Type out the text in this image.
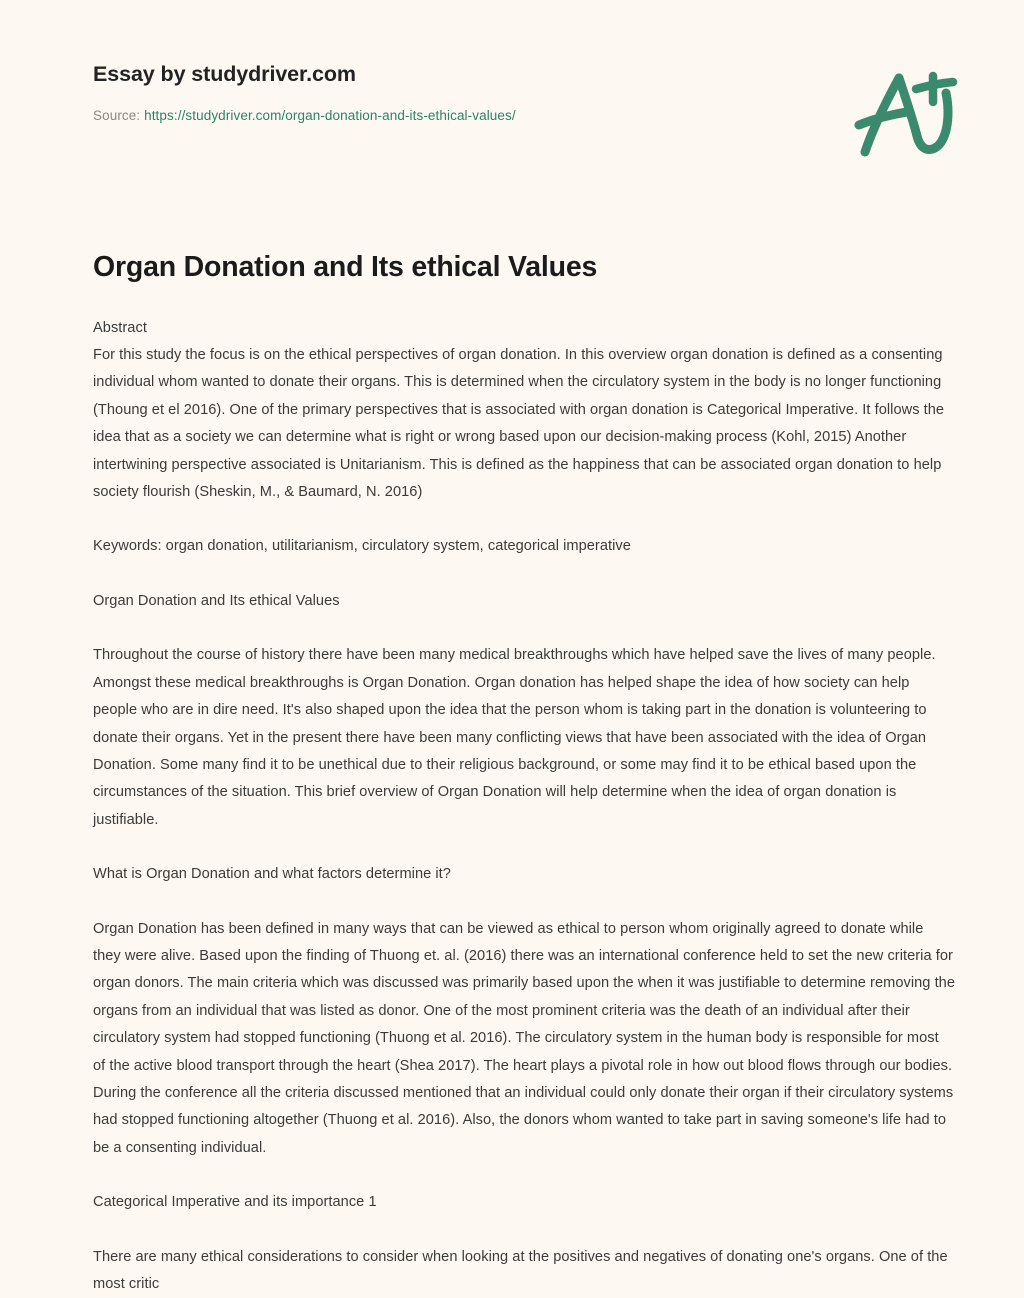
Essay by studydriver.com
Source: https://studydriver.com/organ-donation-and-its-ethical-values/
Organ Donation and Its ethical Values

Abstract

For this study the focus is on the ethical perspectives of organ donation. In this overview organ donation is defined as a consenting individual whom wanted to donate their organs. This is determined when the circulatory system in the body is no longer functioning (Thoung et el 2016). One of the primary perspectives that is associated with organ donation is Categorical Imperative. It follows the idea that as a society we can determine what is right or wrong based upon our decision-making process (Kohl, 2015) Another intertwining perspective associated is Unitarianism. This is defined as the happiness that can be associated organ donation to help society flourish (Sheskin, M., & Baumard, N. 2016)

Keywords: organ donation, utilitarianism, circulatory system, categorical imperative

Organ Donation and Its ethical Values

Throughout the course of history there have been many medical breakthroughs which have helped save the lives of many people. Amongst these medical breakthroughs is Organ Donation. Organ donation has helped shape the idea of how society can help people who are in dire need. It's also shaped upon the idea that the person whom is taking part in the donation is volunteering to donate their organs. Yet in the present there have been many conflicting views that have been associated with the idea of Organ Donation. Some many find it to be unethical due to their religious background, or some may find it to be ethical based upon the circumstances of the situation. This brief overview of Organ Donation will help determine when the idea of organ donation is justifiable.

What is Organ Donation and what factors determine it?

Organ Donation has been defined in many ways that can be viewed as ethical to person whom originally agreed to donate while they were alive. Based upon the finding of Thuong et. al. (2016) there was an international conference held to set the new criteria for organ donors. The main criteria which was discussed was primarily based upon the when it was justifiable to determine removing the organs from an individual that was listed as donor. One of the most prominent criteria was the death of an individual after their circulatory system had stopped functioning (Thuong et al. 2016). The circulatory system in the human body is responsible for most of the active blood transport through the heart (Shea 2017). The heart plays a pivotal role in how out blood flows through our bodies. During the conference all the criteria discussed mentioned that an individual could only donate their organ if their circulatory systems had stopped functioning altogether (Thuong et al. 2016). Also, the donors whom wanted to take part in saving someone's life had to be a consenting individual.

Categorical Imperative and its importance 1

There are many ethical considerations to consider when looking at the positives and negatives of donating one's organs. One of the most critic
